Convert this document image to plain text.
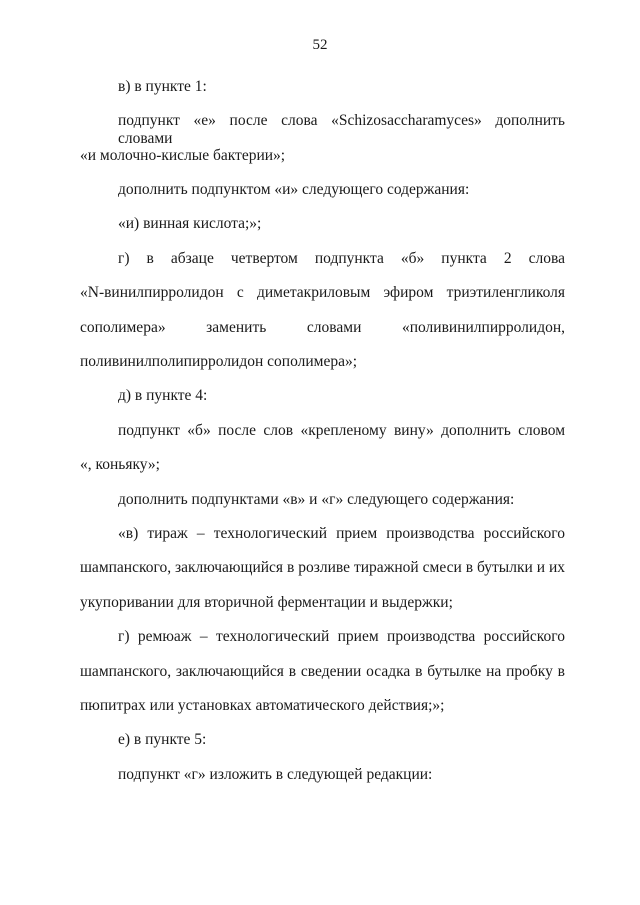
52
в) в пункте 1:
подпункт «е» после слова «Schizosaccharamyces» дополнить словами
«и молочно-кислые бактерии»;
дополнить подпунктом «и» следующего содержания:
«и) винная кислота;»;
г) в абзаце четвертом подпункта «б» пункта 2 слова
«N-винилпирролидон с диметакриловым эфиром триэтиленгликоля
сополимера» заменить словами «поливинилпирролидон,
поливинилполипирролидон сополимера»;
д) в пункте 4:
подпункт «б» после слов «крепленому вину» дополнить словом
«, коньяку»;
дополнить подпунктами «в» и «г» следующего содержания:
«в) тираж – технологический прием производства российского
шампанского, заключающийся в розливе тиражной смеси в бутылки и их
укупоривании для вторичной ферментации и выдержки;
г) ремюаж – технологический прием производства российского
шампанского, заключающийся в сведении осадка в бутылке на пробку в
пюпитрах или установках автоматического действия;»;
е) в пункте 5:
подпункт «г» изложить в следующей редакции:
